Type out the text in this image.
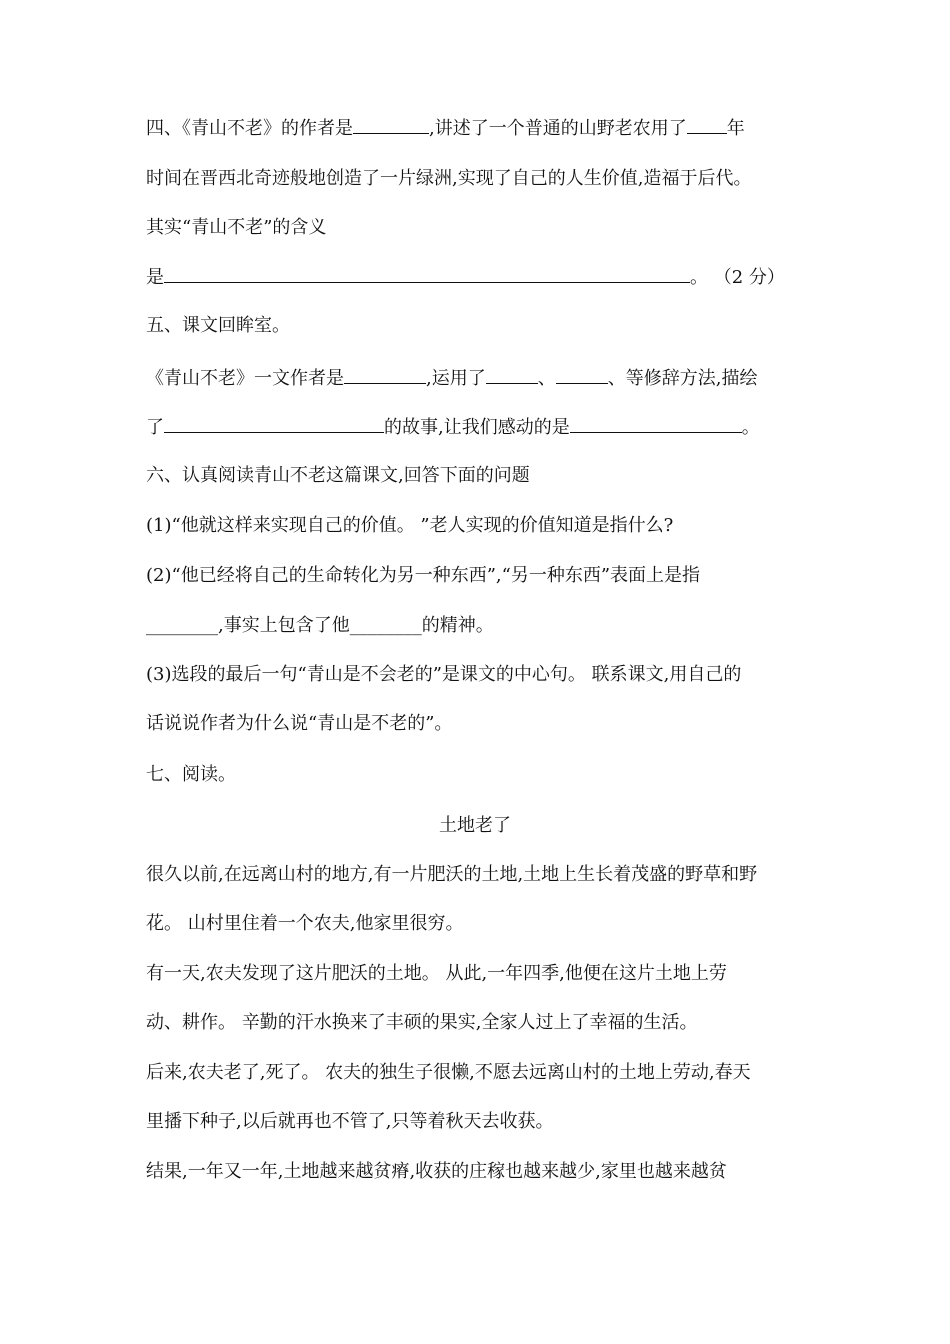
四、《青山不老》的作者是	,讲述了一个普通的山野老农用了 年
时间在晋西北奇迹般地创造了一片绿洲,实现了自己的人生价值,造福于后代。
其实“青山不老”的含义
是	。 （2 分）
五、课文回眸室。
《青山不老》一文作者是	,运用了	、	、等修辞方法,描绘
了	的故事,让我们感动的是	。
六、认真阅读青山不老这篇课文,回答下面的问题
(1)“他就这样来实现自己的价值。 ”老人实现的价值知道是指什么?
(2)“他已经将自己的生命转化为另一种东西”,“另一种东西”表面上是指
________,事实上包含了他________的精神。
(3)选段的最后一句“青山是不会老的”是课文的中心句。 联系课文,用自己的
话说说作者为什么说“青山是不老的”。
七、阅读。
土地老了
很久以前,在远离山村的地方,有一片肥沃的土地,土地上生长着茂盛的野草和野
花。 山村里住着一个农夫,他家里很穷。
有一天,农夫发现了这片肥沃的土地。 从此,一年四季,他便在这片土地上劳
动、耕作。 辛勤的汗水换来了丰硕的果实,全家人过上了幸福的生活。
后来,农夫老了,死了。 农夫的独生子很懒,不愿去远离山村的土地上劳动,春天
里播下种子,以后就再也不管了,只等着秋天去收获。
结果,一年又一年,土地越来越贫瘠,收获的庄稼也越来越少,家里也越来越贫
